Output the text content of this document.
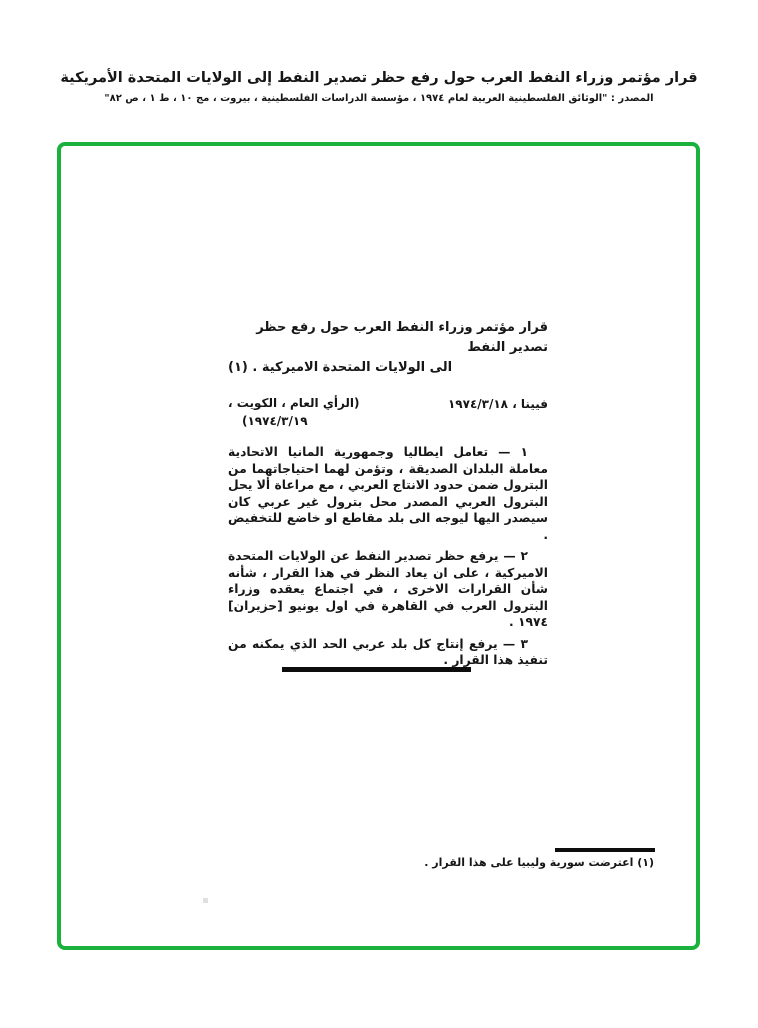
قرار مؤتمر وزراء النفط العرب حول رفع حظر تصدير النفط إلى الولايات المتحدة الأمريكية
المصدر : "الوثائق الفلسطينية العربية لعام ١٩٧٤ ، مؤسسة الدراسات الفلسطينية ، بيروت ، مج ١٠ ، ط ١ ، ص ٨٢"
قرار مؤتمر وزراء النفط العرب حول رفع حظر تصدير النفط
الى الولايات المتحدة الاميركية . (١)
(الرأي العام ، الكويت ،
١٩٧٤/٣/١٩)
فيينا ، ١٩٧٤/٣/١٨

١ — تعامل ايطاليا وجمهورية المانيا الاتحادية معاملة البلدان الصديقة ، وتؤمن لهما احتياجاتهما من البترول ضمن حدود الانتاج العربي ، مع مراعاة ألا يحل البترول العربي المصدر محل بترول غير عربي كان سيصدر اليها ليوجه الى بلد مقاطع او خاضع للتخفيض .

٢ — يرفع حظر تصدير النفط عن الولايات المتحدة الاميركية ، على ان يعاد النظر في هذا القرار ، شأنه شأن القرارات الاخرى ، في اجتماع يعقده وزراء البترول العرب في القاهرة في اول يونيو [حزيران] ١٩٧٤ .

٣ — يرفع إنتاج كل بلد عربي الحد الذي يمكنه من تنفيذ هذا القرار .

(١) اعترضت سورية وليبيا على هذا القرار .
